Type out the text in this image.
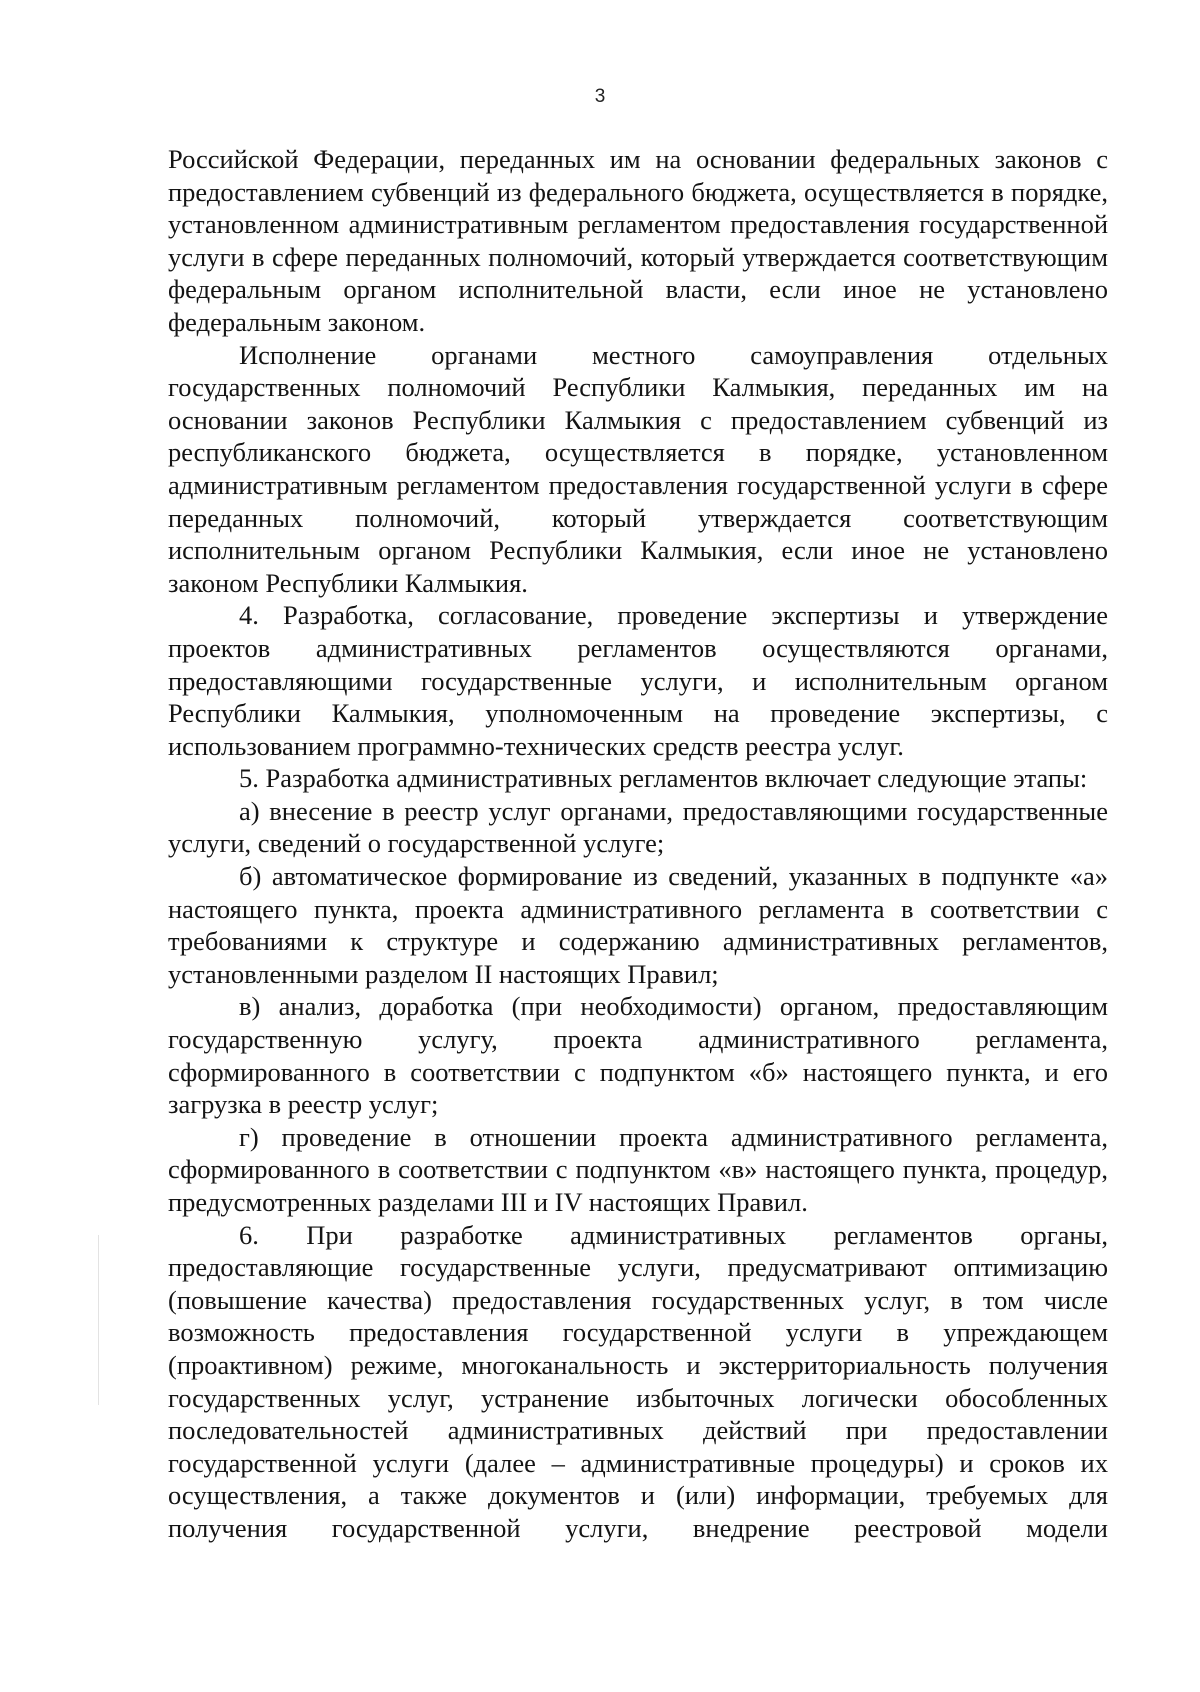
3

Российской Федерации, переданных им на основании федеральных законов с предоставлением субвенций из федерального бюджета, осуществляется в порядке, установленном административным регламентом предоставления государственной услуги в сфере переданных полномочий, который утверждается соответствующим федеральным органом исполнительной власти, если иное не установлено федеральным законом.

Исполнение органами местного самоуправления отдельных государственных полномочий Республики Калмыкия, переданных им на основании законов Республики Калмыкия с предоставлением субвенций из республиканского бюджета, осуществляется в порядке, установленном административным регламентом предоставления государственной услуги в сфере переданных полномочий, который утверждается соответствующим исполнительным органом Республики Калмыкия, если иное не установлено законом Республики Калмыкия.

4. Разработка, согласование, проведение экспертизы и утверждение проектов административных регламентов осуществляются органами, предоставляющими государственные услуги, и исполнительным органом Республики Калмыкия, уполномоченным на проведение экспертизы, с использованием программно-технических средств реестра услуг.

5. Разработка административных регламентов включает следующие этапы:

а) внесение в реестр услуг органами, предоставляющими государственные услуги, сведений о государственной услуге;

б) автоматическое формирование из сведений, указанных в подпункте «а» настоящего пункта, проекта административного регламента в соответствии с требованиями к структуре и содержанию административных регламентов, установленными разделом II настоящих Правил;

в) анализ, доработка (при необходимости) органом, предоставляющим государственную услугу, проекта административного регламента, сформированного в соответствии с подпунктом «б» настоящего пункта, и его загрузка в реестр услуг;

г) проведение в отношении проекта административного регламента, сформированного в соответствии с подпунктом «в» настоящего пункта, процедур, предусмотренных разделами III и IV настоящих Правил.

6. При разработке административных регламентов органы, предоставляющие государственные услуги, предусматривают оптимизацию (повышение качества) предоставления государственных услуг, в том числе возможность предоставления государственной услуги в упреждающем (проактивном) режиме, многоканальность и экстерриториальность получения государственных услуг, устранение избыточных логически обособленных последовательностей административных действий при предоставлении государственной услуги (далее – административные процедуры) и сроков их осуществления, а также документов и (или) информации, требуемых для получения государственной услуги, внедрение реестровой модели
